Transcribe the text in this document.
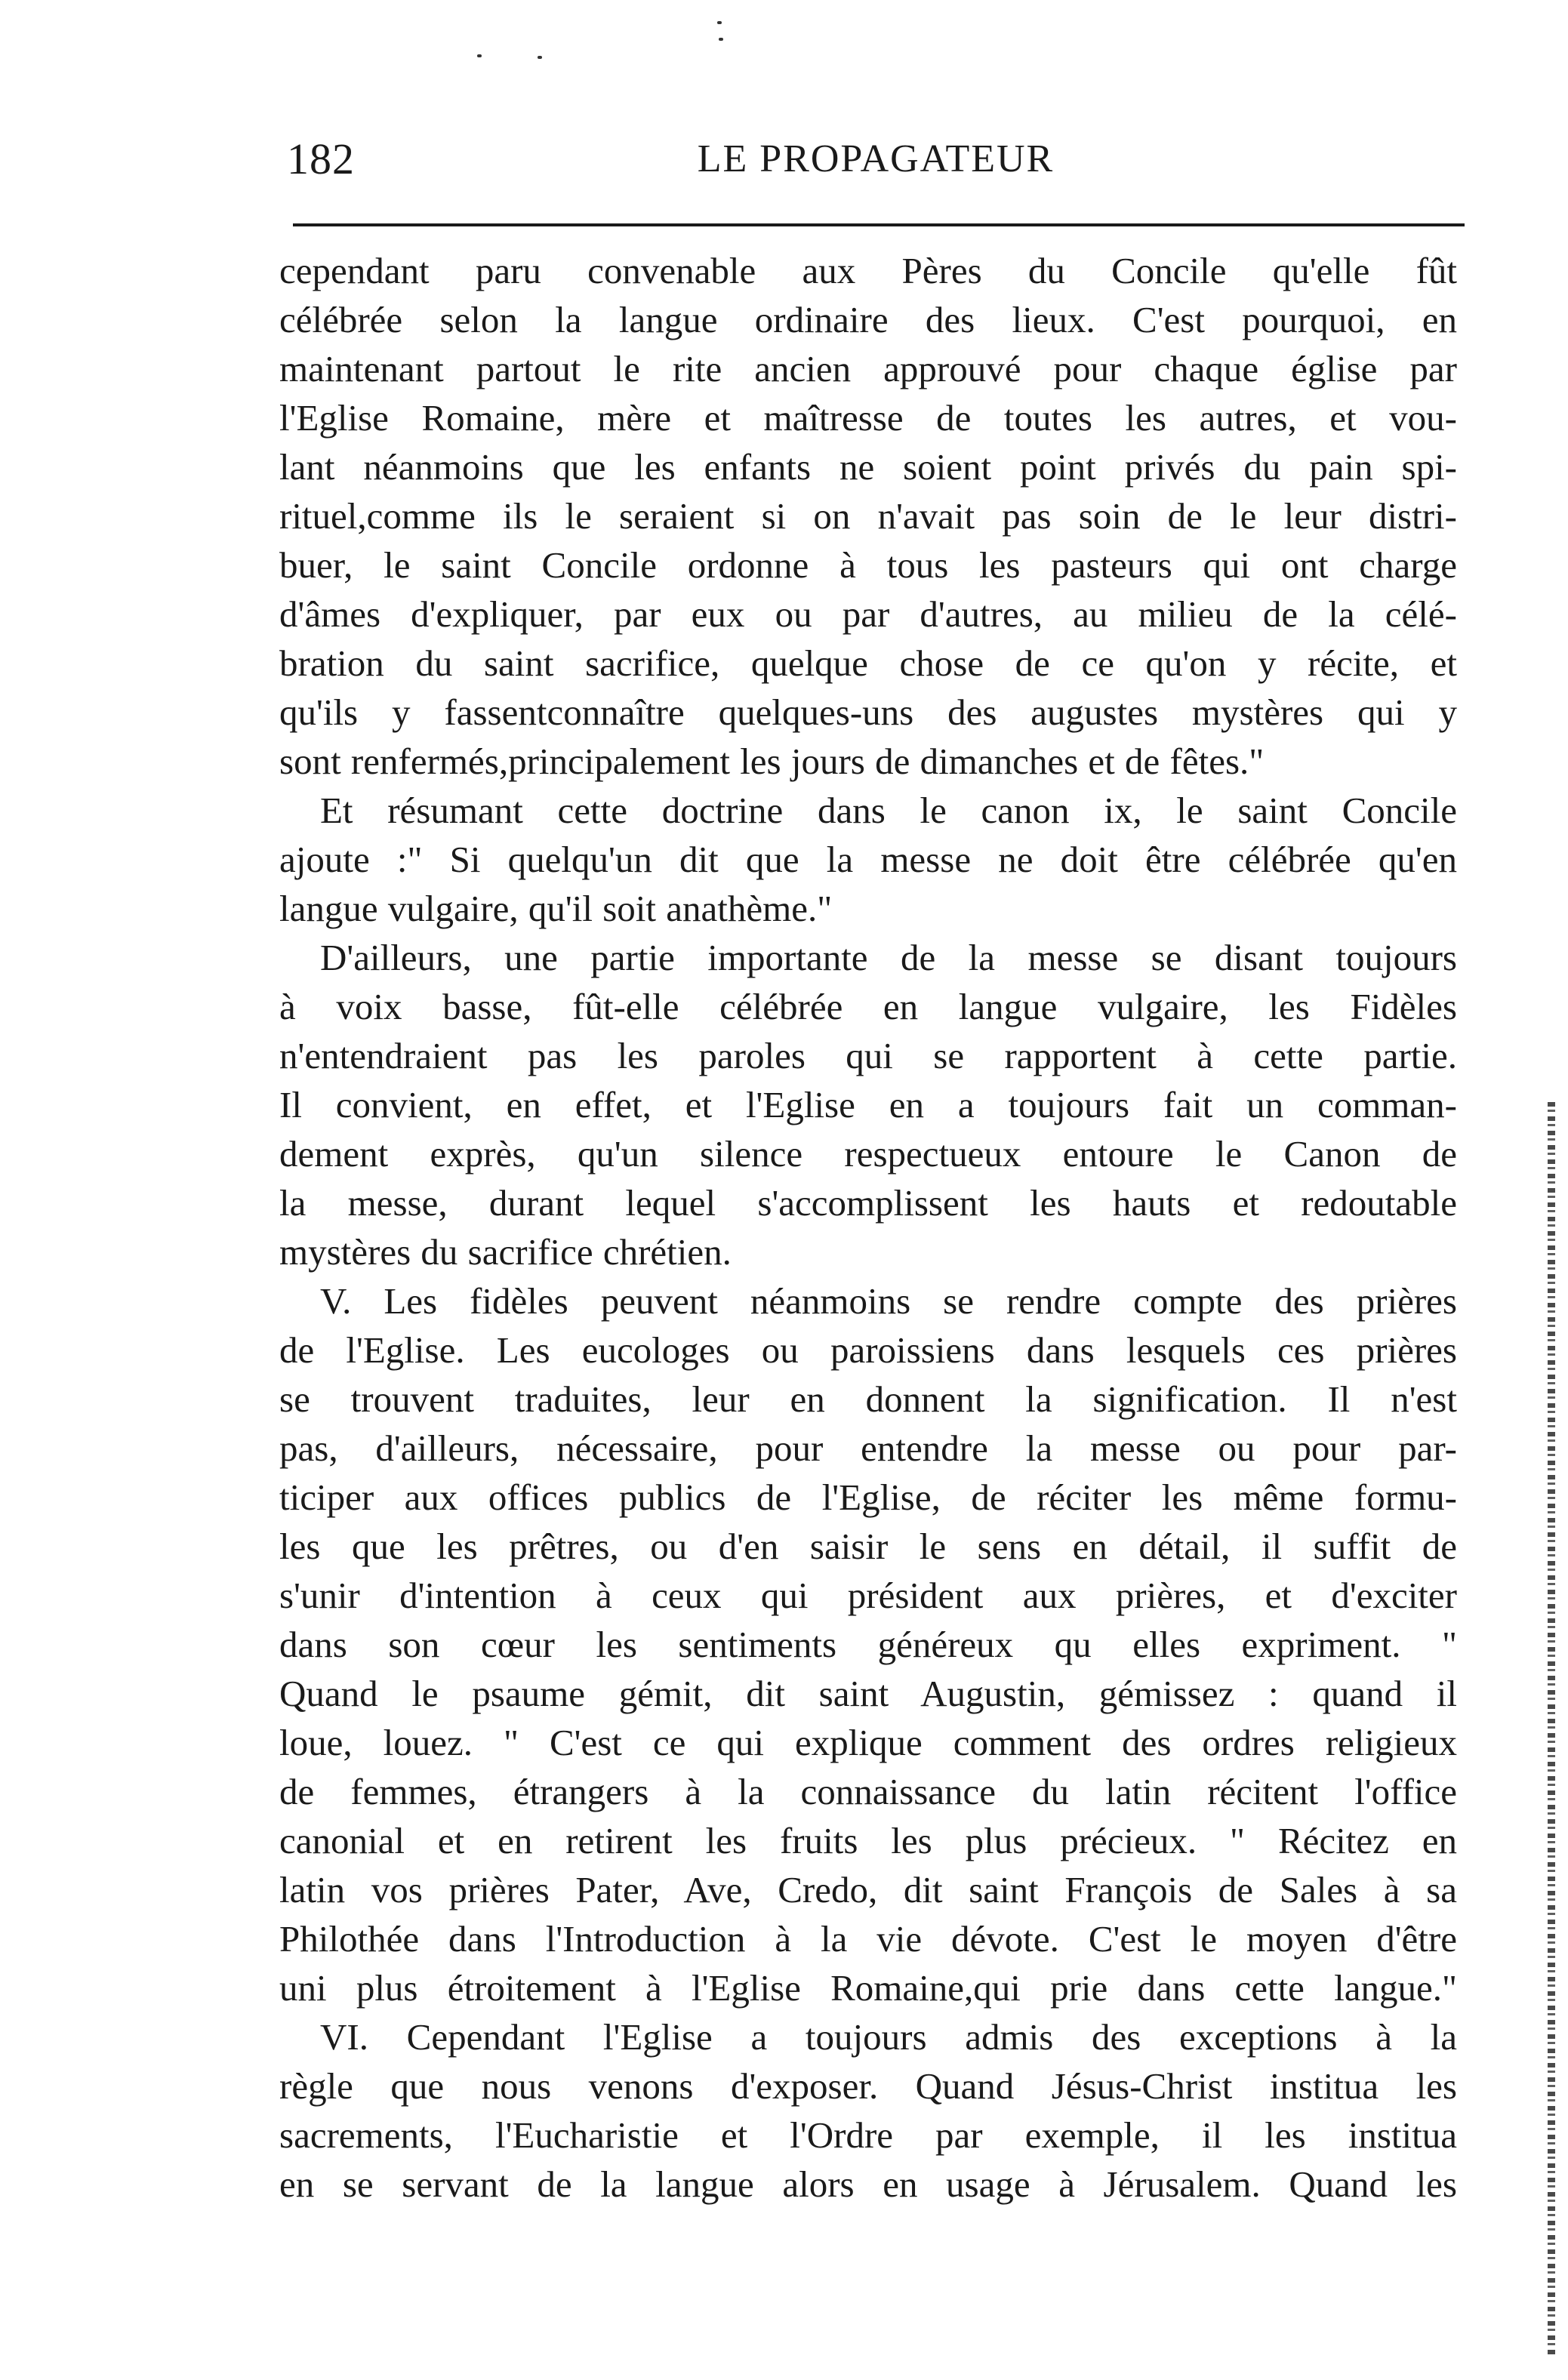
182	LE PROPAGATEUR

cependant paru convenable aux Pères du Concile qu'elle fût
célébrée selon la langue ordinaire des lieux. C'est pourquoi, en
maintenant partout le rite ancien approuvé pour chaque église par
l'Eglise Romaine, mère et maîtresse de toutes les autres, et vou-
lant néanmoins que les enfants ne soient point privés du pain spi-
rituel,comme ils le seraient si on n'avait pas soin de le leur distri-
buer, le saint Concile ordonne à tous les pasteurs qui ont charge
d'âmes d'expliquer, par eux ou par d'autres, au milieu de la célé-
bration du saint sacrifice, quelque chose de ce qu'on y récite, et
qu'ils y fassentconnaître quelques-uns des augustes mystères qui y
sont renfermés,principalement les jours de dimanches et de fêtes."

Et résumant cette doctrine dans le canon ix, le saint Concile
ajoute :" Si quelqu'un dit que la messe ne doit être célébrée qu'en
langue vulgaire, qu'il soit anathème."

D'ailleurs, une partie importante de la messe se disant toujours
à voix basse, fût-elle célébrée en langue vulgaire, les Fidèles
n'entendraient pas les paroles qui se rapportent à cette partie.
Il convient, en effet, et l'Eglise en a toujours fait un comman-
dement exprès, qu'un silence respectueux entoure le Canon de
la messe, durant lequel s'accomplissent les hauts et redoutable
mystères du sacrifice chrétien.

V. Les fidèles peuvent néanmoins se rendre compte des prières
de l'Eglise. Les eucologes ou paroissiens dans lesquels ces prières
se trouvent traduites, leur en donnent la signification. Il n'est
pas, d'ailleurs, nécessaire, pour entendre la messe ou pour par-
ticiper aux offices publics de l'Eglise, de réciter les même formu-
les que les prêtres, ou d'en saisir le sens en détail, il suffit de
s'unir d'intention à ceux qui président aux prières, et d'exciter
dans son cœur les sentiments généreux qu elles expriment. "
Quand le psaume gémit, dit saint Augustin, gémissez : quand il
loue, louez. " C'est ce qui explique comment des ordres religieux
de femmes, étrangers à la connaissance du latin récitent l'office
canonial et en retirent les fruits les plus précieux. " Récitez en
latin vos prières Pater, Ave, Credo, dit saint François de Sales à sa
Philothée dans l'Introduction à la vie dévote. C'est le moyen d'être
uni plus étroitement à l'Eglise Romaine,qui prie dans cette langue."

VI. Cependant l'Eglise a toujours admis des exceptions à la
règle que nous venons d'exposer. Quand Jésus-Christ institua les
sacrements, l'Eucharistie et l'Ordre par exemple, il les institua
en se servant de la langue alors en usage à Jérusalem. Quand les
